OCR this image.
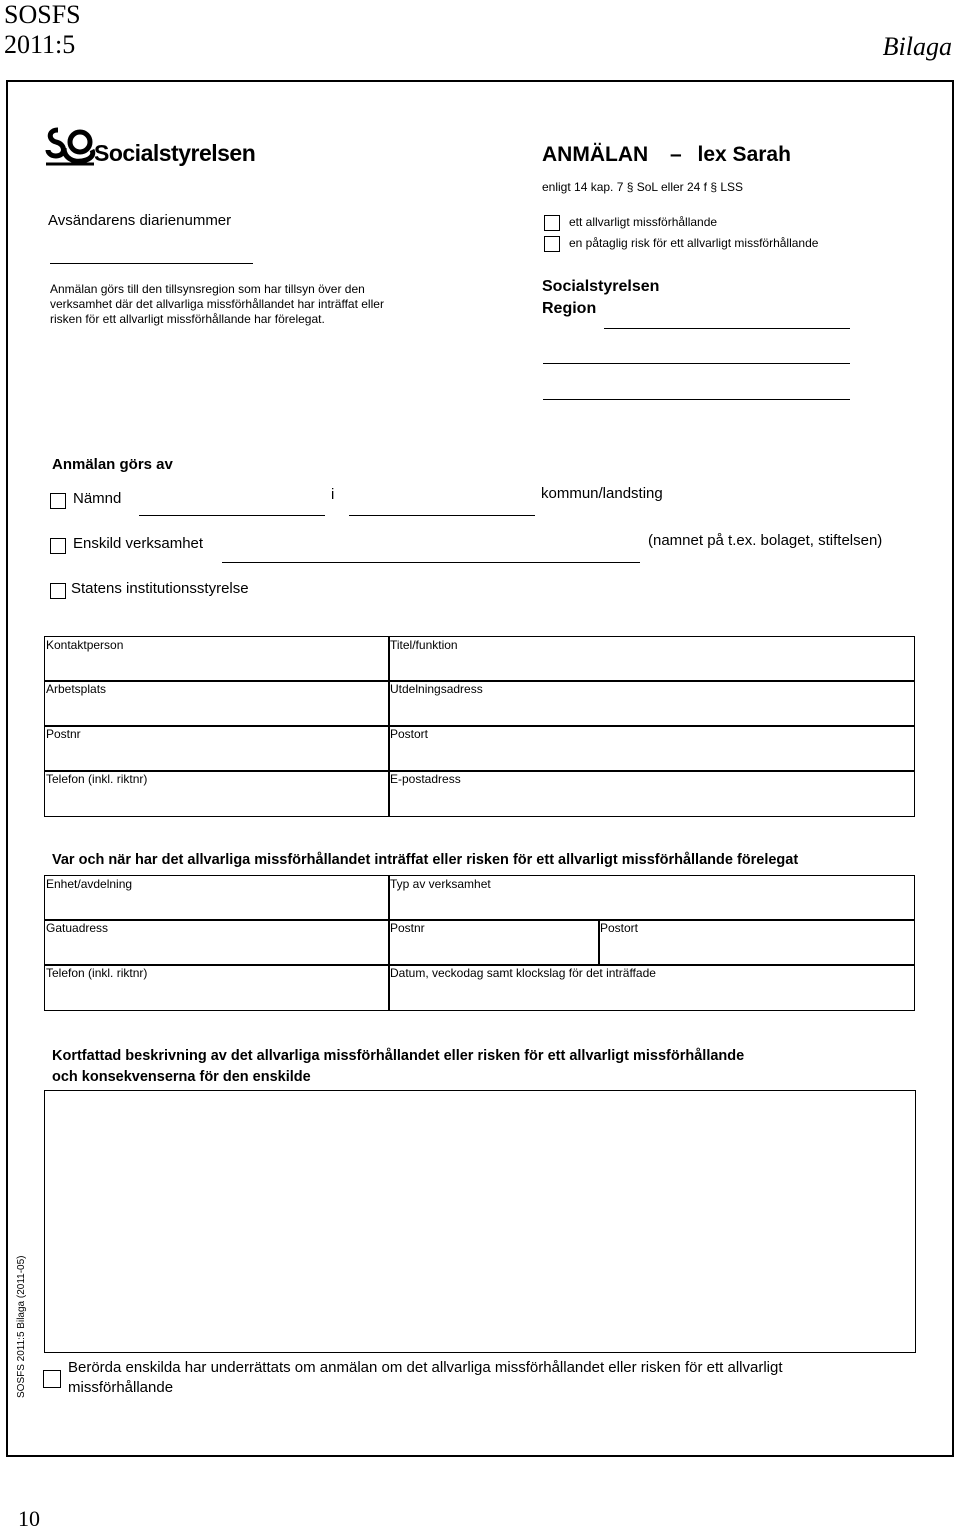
SOSFS
2011:5	Bilaga
Socialstyrelsen	ANMÄLAN – lex Sarah
enligt 14 kap. 7 § SoL eller 24 f § LSS
ett allvarligt missförhållande
en påtaglig risk för ett allvarligt missförhållande
Avsändarens diarienummer
Anmälan görs till den tillsynsregion som har tillsyn över den
verksamhet där det allvarliga missförhållandet har inträffat eller
risken för ett allvarligt missförhållande har förelegat.
Socialstyrelsen
Region
Anmälan görs av
Nämnd	i	kommun/landsting
Enskild verksamhet	(namnet på t.ex. bolaget, stiftelsen)
Statens institutionsstyrelse
Kontaktperson	Titel/funktion
Arbetsplats	Utdelningsadress
Postnr	Postort
Telefon (inkl. riktnr)	E-postadress
Var och när har det allvarliga missförhållandet inträffat eller risken för ett allvarligt missförhållande förelegat
Enhet/avdelning	Typ av verksamhet
Gatuadress	Postnr	Postort
Telefon (inkl. riktnr)	Datum, veckodag samt klockslag för det inträffade
Kortfattad beskrivning av det allvarliga missförhållandet eller risken för ett allvarligt missförhållande
och konsekvenserna för den enskilde
Berörda enskilda har underrättats om anmälan om det allvarliga missförhållandet eller risken för ett allvarligt
missförhållande
SOSFS 2011:5 Bilaga (2011-05)
10
